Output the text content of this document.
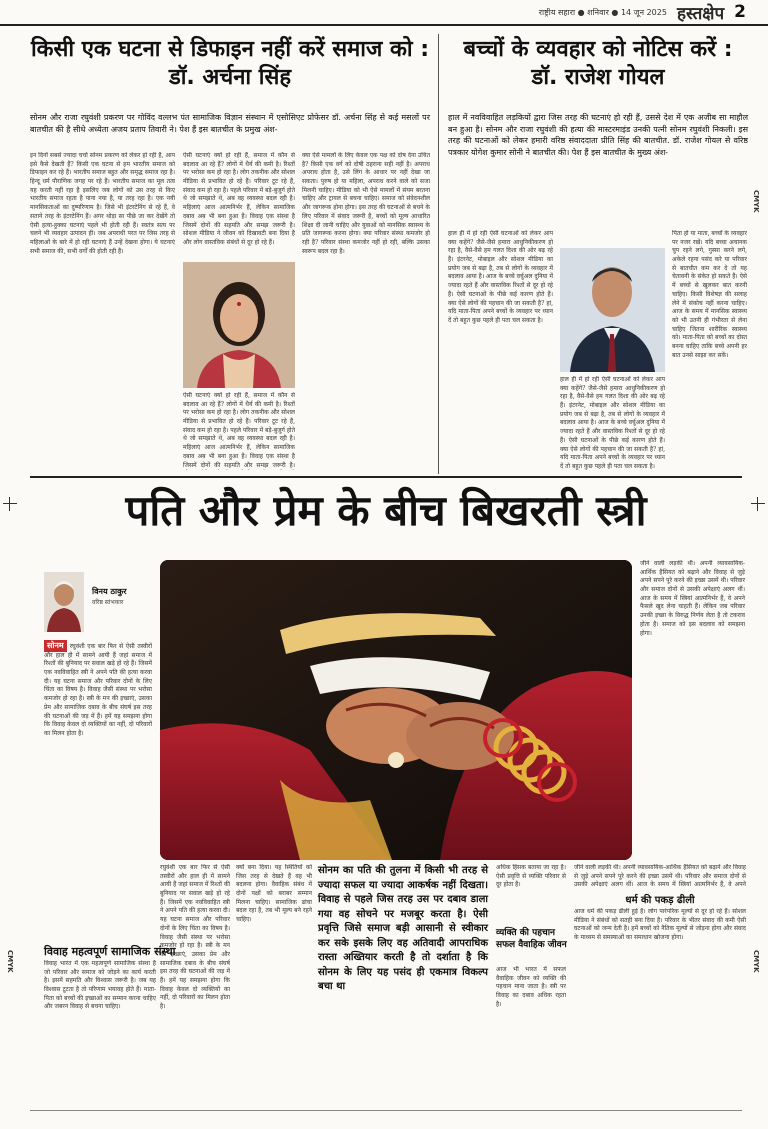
राष्ट्रीय सहारा ● शनिवार ● 14 जून 2025 हस्तक्षेप 2
CMYK
CMYK
CMYK
किसी एक घटना से डिफाइन नहीं करें समाज को : डॉ. अर्चना सिंह
सोनम और राजा रघुवंशी प्रकरण पर गोविंद वल्लभ पंत सामाजिक विज्ञान संस्थान में एसोसिएट प्रोफेसर डॉ. अर्चना सिंह से कई मसलों पर बातचीत की है सीधे अध्येता अजय प्रताप तिवारी ने। पेश हैं इस बातचीत के प्रमुख अंश-
इन दिनों सबसे ज्यादा चर्चा सोनम प्रकरण को लेकर हो रही है, आप इसे कैसे देखती हैं? किसी एक घटना से हम भारतीय समाज को डिफाइन कर रहे हैं। भारतीय समाज बहुत और समृद्ध समाज रहा है। हिन्दू धर्म पौराणिक जगह पर रहे हैं। भारतीय समाज का मूल तत्व यह करती नहीं रहा है इसलिए जब लोगों को उस तरह से किए भारतीय समाज रहता है पाना नया है, या तरह रहा है। एक नयी मानसिकताओं का दुष्परिणाम है। जिसे भी इंटरटेनिंग से रहे हैं, वे सताने तरह के इंटरटेनिंग हैं। अगर थोड़ा सा पीछे जा कर देखेंगे तो ऐसी हत्या-हुक्का घटनाएं पहले भी होती रही हैं। स्वतंत्र सत्य पर चलने भी व्यवहार उत्पादन ही। जब अपराधी परत पर जिस तरह से महिलाओं के बारे में हो रही घटनाएं हैं उन्हें देखना होगा। ये घटनाएं सभी समाज की, सभी वर्गों की होती रही हैं।
ऐसी घटनाएं क्यों हो रही हैं, समाज में कौन से बदलाव आ रहे हैं? लोगों में धैर्य की कमी है। रिश्तों पर भरोसा कम हो रहा है। लोग तकनीक और सोशल मीडिया से प्रभावित हो रहे हैं। परिवार टूट रहे हैं, संवाद कम हो रहा है। पहले परिवार में बड़े-बुजुर्ग होते थे जो समझाते थे, अब वह व्यवस्था बदल रही है। महिलाएं आज आत्मनिर्भर हैं, लेकिन सामाजिक दबाव अब भी बना हुआ है। विवाह एक संस्था है जिसमें दोनों की सहमति और समझ जरूरी है। सोशल मीडिया ने जीवन को दिखावटी बना दिया है और लोग वास्तविक संबंधों से दूर हो रहे हैं।
ऐसी घटनाएं क्यों हो रही हैं, समाज में कौन से बदलाव आ रहे हैं? लोगों में धैर्य की कमी है। रिश्तों पर भरोसा कम हो रहा है। लोग तकनीक और सोशल मीडिया से प्रभावित हो रहे हैं। परिवार टूट रहे हैं, संवाद कम हो रहा है। पहले परिवार में बड़े-बुजुर्ग होते थे जो समझाते थे, अब वह व्यवस्था बदल रही है। महिलाएं आज आत्मनिर्भर हैं, लेकिन सामाजिक दबाव अब भी बना हुआ है। विवाह एक संस्था है जिसमें दोनों की सहमति और समझ जरूरी है।
क्या ऐसे मामलों के लिए केवल एक पक्ष को दोष देना उचित है? किसी एक वर्ग को दोषी ठहराना सही नहीं है। अपराध अपराध होता है, उसे लिंग के आधार पर नहीं देखा जा सकता। पुरुष हो या महिला, अपराध करने वाले को सजा मिलनी चाहिए। मीडिया को भी ऐसे मामलों में संयम बरतना चाहिए और ट्रायल से बचना चाहिए। समाज को संवेदनशील और जागरूक होना होगा। इस तरह की घटनाओं से बचने के लिए परिवार में संवाद जरूरी है, बच्चों को मूल्य आधारित शिक्षा दी जानी चाहिए और युवाओं को मानसिक स्वास्थ्य के प्रति जागरूक करना होगा। क्या परिवार संस्था कमजोर हो रही है? परिवार संस्था कमजोर नहीं हो रही, बल्कि उसका स्वरूप बदल रहा है।
बच्चों के व्यवहार को नोटिस करें : डॉ. राजेश गोयल
हाल में नवविवाहित लड़कियों द्वारा जिस तरह की घटनाएं हो रही हैं, उससे देश में एक अजीब सा माहौल बन हुआ है। सोनम और राजा रघुवंशी की हत्या की मास्टरमाइंड उनकी पत्नी सोनम रघुवंशी निकली। इस तरह की घटनाओं को लेकर हमारी वरिष्ठ संवाददाता प्रीति सिंह की बातचीत. डॉ. राजेश गोयल से वरिष्ठ पत्रकार योगेश कुमार सोनी ने बातचीत की। पेश हैं इस बातचीत के मुख्य अंश-
हाल ही में हो रही ऐसी घटनाओं को लेकर आप क्या कहेंगे? जैसे-जैसे हमारा आधुनिकीकरण हो रहा है, वैसे-वैसे हम गलत दिशा की ओर बढ़ रहे हैं। इंटरनेट, मोबाइल और सोशल मीडिया का प्रयोग जब से बढ़ा है, तब से लोगों के व्यवहार में बदलाव आया है। आज के बच्चे वर्चुअल दुनिया में ज्यादा रहते हैं और वास्तविक रिश्तों से दूर हो रहे हैं। ऐसी घटनाओं के पीछे कई कारण होते हैं। क्या ऐसे लोगों की पहचान की जा सकती है? हां, यदि माता-पिता अपने बच्चों के व्यवहार पर ध्यान दें तो बहुत कुछ पहले ही पता चल सकता है।
हाल ही में हो रही ऐसी घटनाओं को लेकर आप क्या कहेंगे? जैसे-जैसे हमारा आधुनिकीकरण हो रहा है, वैसे-वैसे हम गलत दिशा की ओर बढ़ रहे हैं। इंटरनेट, मोबाइल और सोशल मीडिया का प्रयोग जब से बढ़ा है, तब से लोगों के व्यवहार में बदलाव आया है। आज के बच्चे वर्चुअल दुनिया में ज्यादा रहते हैं और वास्तविक रिश्तों से दूर हो रहे हैं। ऐसी घटनाओं के पीछे कई कारण होते हैं। क्या ऐसे लोगों की पहचान की जा सकती है? हां, यदि माता-पिता अपने बच्चों के व्यवहार पर ध्यान दें तो बहुत कुछ पहले ही पता चल सकता है।
पिता हो या माता, बच्चों के व्यवहार पर नजर रखें। यदि बच्चा अचानक चुप रहने लगे, गुस्सा करने लगे, अकेले रहना पसंद करे या परिवार से बातचीत कम कर दे तो यह चेतावनी के संकेत हो सकते हैं। ऐसे में बच्चों से खुलकर बात करनी चाहिए। किसी विशेषज्ञ की सलाह लेने में संकोच नहीं करना चाहिए। आज के समय में मानसिक स्वास्थ्य को भी उतनी ही गंभीरता से लेना चाहिए जितना शारीरिक स्वास्थ्य को। माता-पिता को बच्चों का दोस्त बनना चाहिए ताकि बच्चे अपनी हर बात उनसे साझा कर सकें।
पति और प्रेम के बीच बिखरती स्त्री
विनय ठाकुर
वरिष्ठ स्तंभकार
सोनम रघुवंशी एक बार फिर से ऐसी तस्वीरों और हाल ही में सामने आयी हैं जहां समाज में रिश्तों की बुनियाद पर सवाल खड़े हो रहे हैं। जिसमें एक नवविवाहित स्त्री ने अपने पति की हत्या करवा दी। यह घटना समाज और परिवार दोनों के लिए चिंता का विषय है। विवाह जैसी संस्था पर भरोसा कमजोर हो रहा है। स्त्री के मन की इच्छाएं, उसका प्रेम और सामाजिक दबाव के बीच संघर्ष इस तरह की घटनाओं की जड़ में हैं। हमें यह समझना होगा कि विवाह केवल दो व्यक्तियों का नहीं, दो परिवारों का मिलन होता है।
रघुवंशी एक बार फिर से ऐसी तस्वीरों और हाल ही में सामने आयी हैं जहां समाज में रिश्तों की बुनियाद पर सवाल खड़े हो रहे हैं। जिसमें एक नवविवाहित स्त्री ने अपने पति की हत्या करवा दी। यह घटना समाज और परिवार दोनों के लिए चिंता का विषय है। विवाह जैसी संस्था पर भरोसा कमजोर हो रहा है। स्त्री के मन की इच्छाएं, उसका प्रेम और सामाजिक दबाव के बीच संघर्ष इस तरह की घटनाओं की जड़ में हैं। हमें यह समझना होगा कि विवाह केवल दो व्यक्तियों का नहीं, दो परिवारों का मिलन होता है।
क्यों बना दिया। यह स्थितियों को जिस तरह से देखते हैं वह भी बदलना होगा। वैवाहिक संबंध में दोनों पक्षों को बराबर सम्मान मिलना चाहिए। सामाजिक ढांचा बदल रहा है, तब भी मूल्य बने रहने चाहिए।
विवाह महत्वपूर्ण सामाजिक संस्था
विवाह भारत में एक महत्वपूर्ण सामाजिक संस्था है जो परिवार और समाज को जोड़ने का कार्य करती है। इसमें सहमति और विश्वास जरूरी है। जब यह विश्वास टूटता है तो परिणाम भयावह होते हैं। माता-पिता को बच्चों की इच्छाओं का सम्मान करना चाहिए और जबरन विवाह से बचना चाहिए।
सोनम का पति की तुलना में किसी भी तरह से ज्यादा सफल या ज्यादा आकर्षक नहीं दिखता। विवाह से पहले जिस तरह उस पर दबाव डाला गया वह सोचने पर मजबूर करता है। ऐसी प्रवृत्ति जिसे समाज बड़ी आसानी से स्वीकार कर सके इसके लिए वह अतिवादी आपराधिक रास्ता अख्तियार करती है तो दर्शाता है कि सोनम के लिए यह पसंद ही एकमात्र विकल्प बचा था
अधिक हिंसक बताया जा रहा है। ऐसी प्रवृत्ति से व्यक्ति परिवार से दूर होता है।
व्यक्ति की पहचान सफल वैवाहिक जीवन
आज भी भारत में सफल वैवाहिक जीवन को व्यक्ति की पहचान माना जाता है। स्त्री पर विवाह का दबाव अधिक रहता है।
जीने वाली लड़की थी। अपनी व्यावसायिक-आर्थिक हैसियत को बढ़ाने और विवाह से जुड़े अपने सपने पूरे करने की इच्छा उसमें थी। परिवार और समाज दोनों से उसकी अपेक्षाएं अलग थीं। आज के समय में स्त्रियां आत्मनिर्भर हैं, वे अपने फैसले खुद लेना चाहती हैं। लेकिन जब परिवार उनकी इच्छा के विरुद्ध निर्णय लेता है तो टकराव होता है। समाज को इस बदलाव को समझना होगा।
जीने वाली लड़की थी। अपनी व्यावसायिक-आर्थिक हैसियत को बढ़ाने और विवाह से जुड़े अपने सपने पूरे करने की इच्छा उसमें थी। परिवार और समाज दोनों से उसकी अपेक्षाएं अलग थीं। आज के समय में स्त्रियां आत्मनिर्भर हैं, वे अपने
धर्म की पकड़ ढीली
आज धर्म की पकड़ ढीली हुई है। लोग पारंपरिक मूल्यों से दूर हो रहे हैं। सोशल मीडिया ने संबंधों को सतही बना दिया है। परिवार के भीतर संवाद की कमी ऐसी घटनाओं को जन्म देती है। हमें बच्चों को नैतिक मूल्यों से जोड़ना होगा और संवाद के माध्यम से समस्याओं का समाधान खोजना होगा।
